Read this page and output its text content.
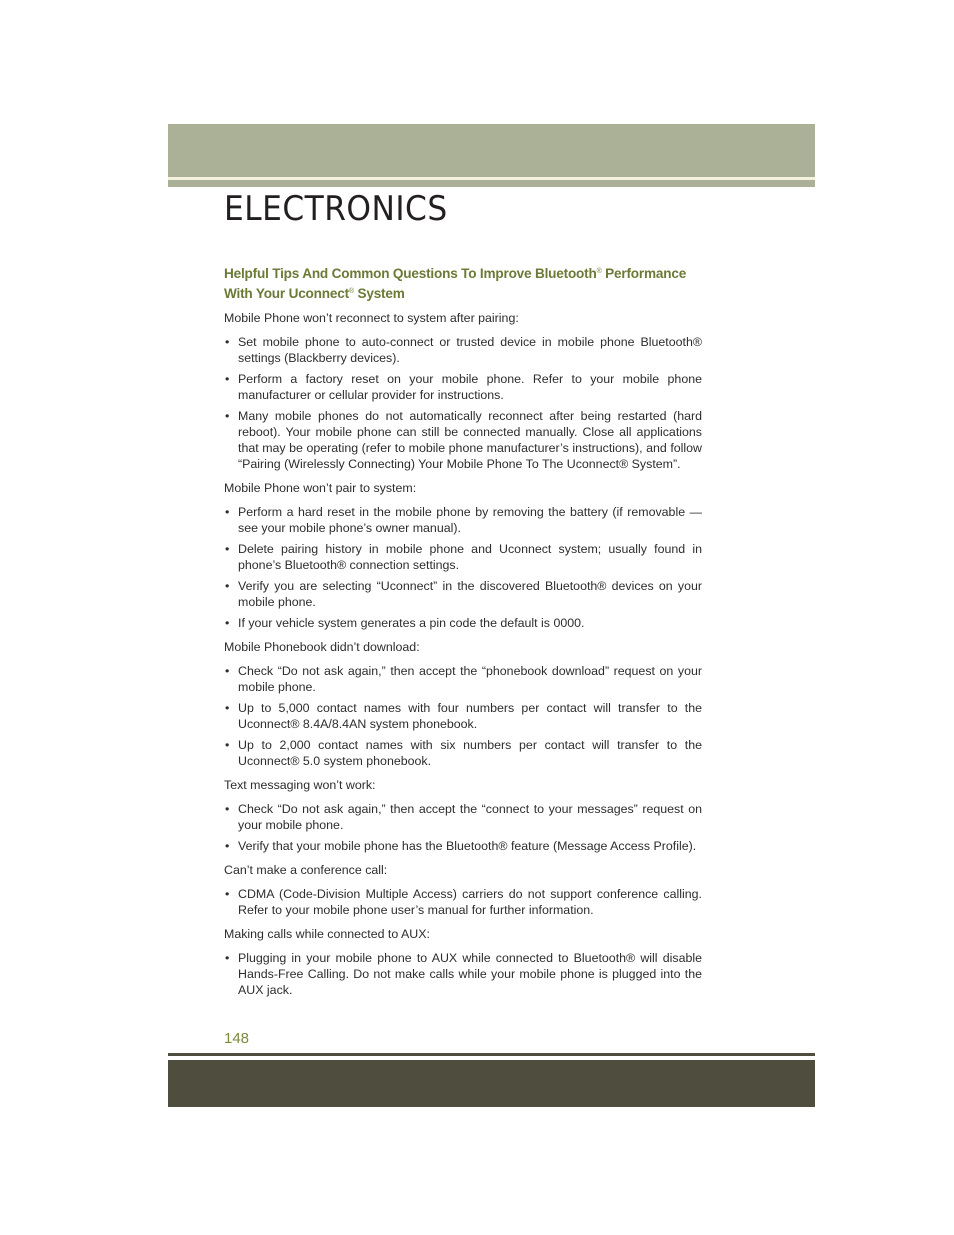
ELECTRONICS
Helpful Tips And Common Questions To Improve Bluetooth® Performance
With Your Uconnect® System

Mobile Phone won’t reconnect to system after pairing:

• Set mobile phone to auto-connect or trusted device in mobile phone Bluetooth® settings (Blackberry devices).
• Perform a factory reset on your mobile phone. Refer to your mobile phone manufacturer or cellular provider for instructions.
• Many mobile phones do not automatically reconnect after being restarted (hard reboot). Your mobile phone can still be connected manually. Close all applications that may be operating (refer to mobile phone manufacturer’s instructions), and follow “Pairing (Wirelessly Connecting) Your Mobile Phone To The Uconnect® System”.

Mobile Phone won’t pair to system:

• Perform a hard reset in the mobile phone by removing the battery (if removable — see your mobile phone’s owner manual).
• Delete pairing history in mobile phone and Uconnect system; usually found in phone’s Bluetooth® connection settings.
• Verify you are selecting “Uconnect” in the discovered Bluetooth® devices on your mobile phone.
• If your vehicle system generates a pin code the default is 0000.

Mobile Phonebook didn’t download:

• Check “Do not ask again,” then accept the “phonebook download” request on your mobile phone.
• Up to 5,000 contact names with four numbers per contact will transfer to the Uconnect® 8.4A/8.4AN system phonebook.
• Up to 2,000 contact names with six numbers per contact will transfer to the Uconnect® 5.0 system phonebook.

Text messaging won’t work:

• Check “Do not ask again,” then accept the “connect to your messages” request on your mobile phone.
• Verify that your mobile phone has the Bluetooth® feature (Message Access Profile).

Can’t make a conference call:

• CDMA (Code-Division Multiple Access) carriers do not support conference calling. Refer to your mobile phone user’s manual for further information.

Making calls while connected to AUX:

• Plugging in your mobile phone to AUX while connected to Bluetooth® will disable Hands-Free Calling. Do not make calls while your mobile phone is plugged into the AUX jack.
148
